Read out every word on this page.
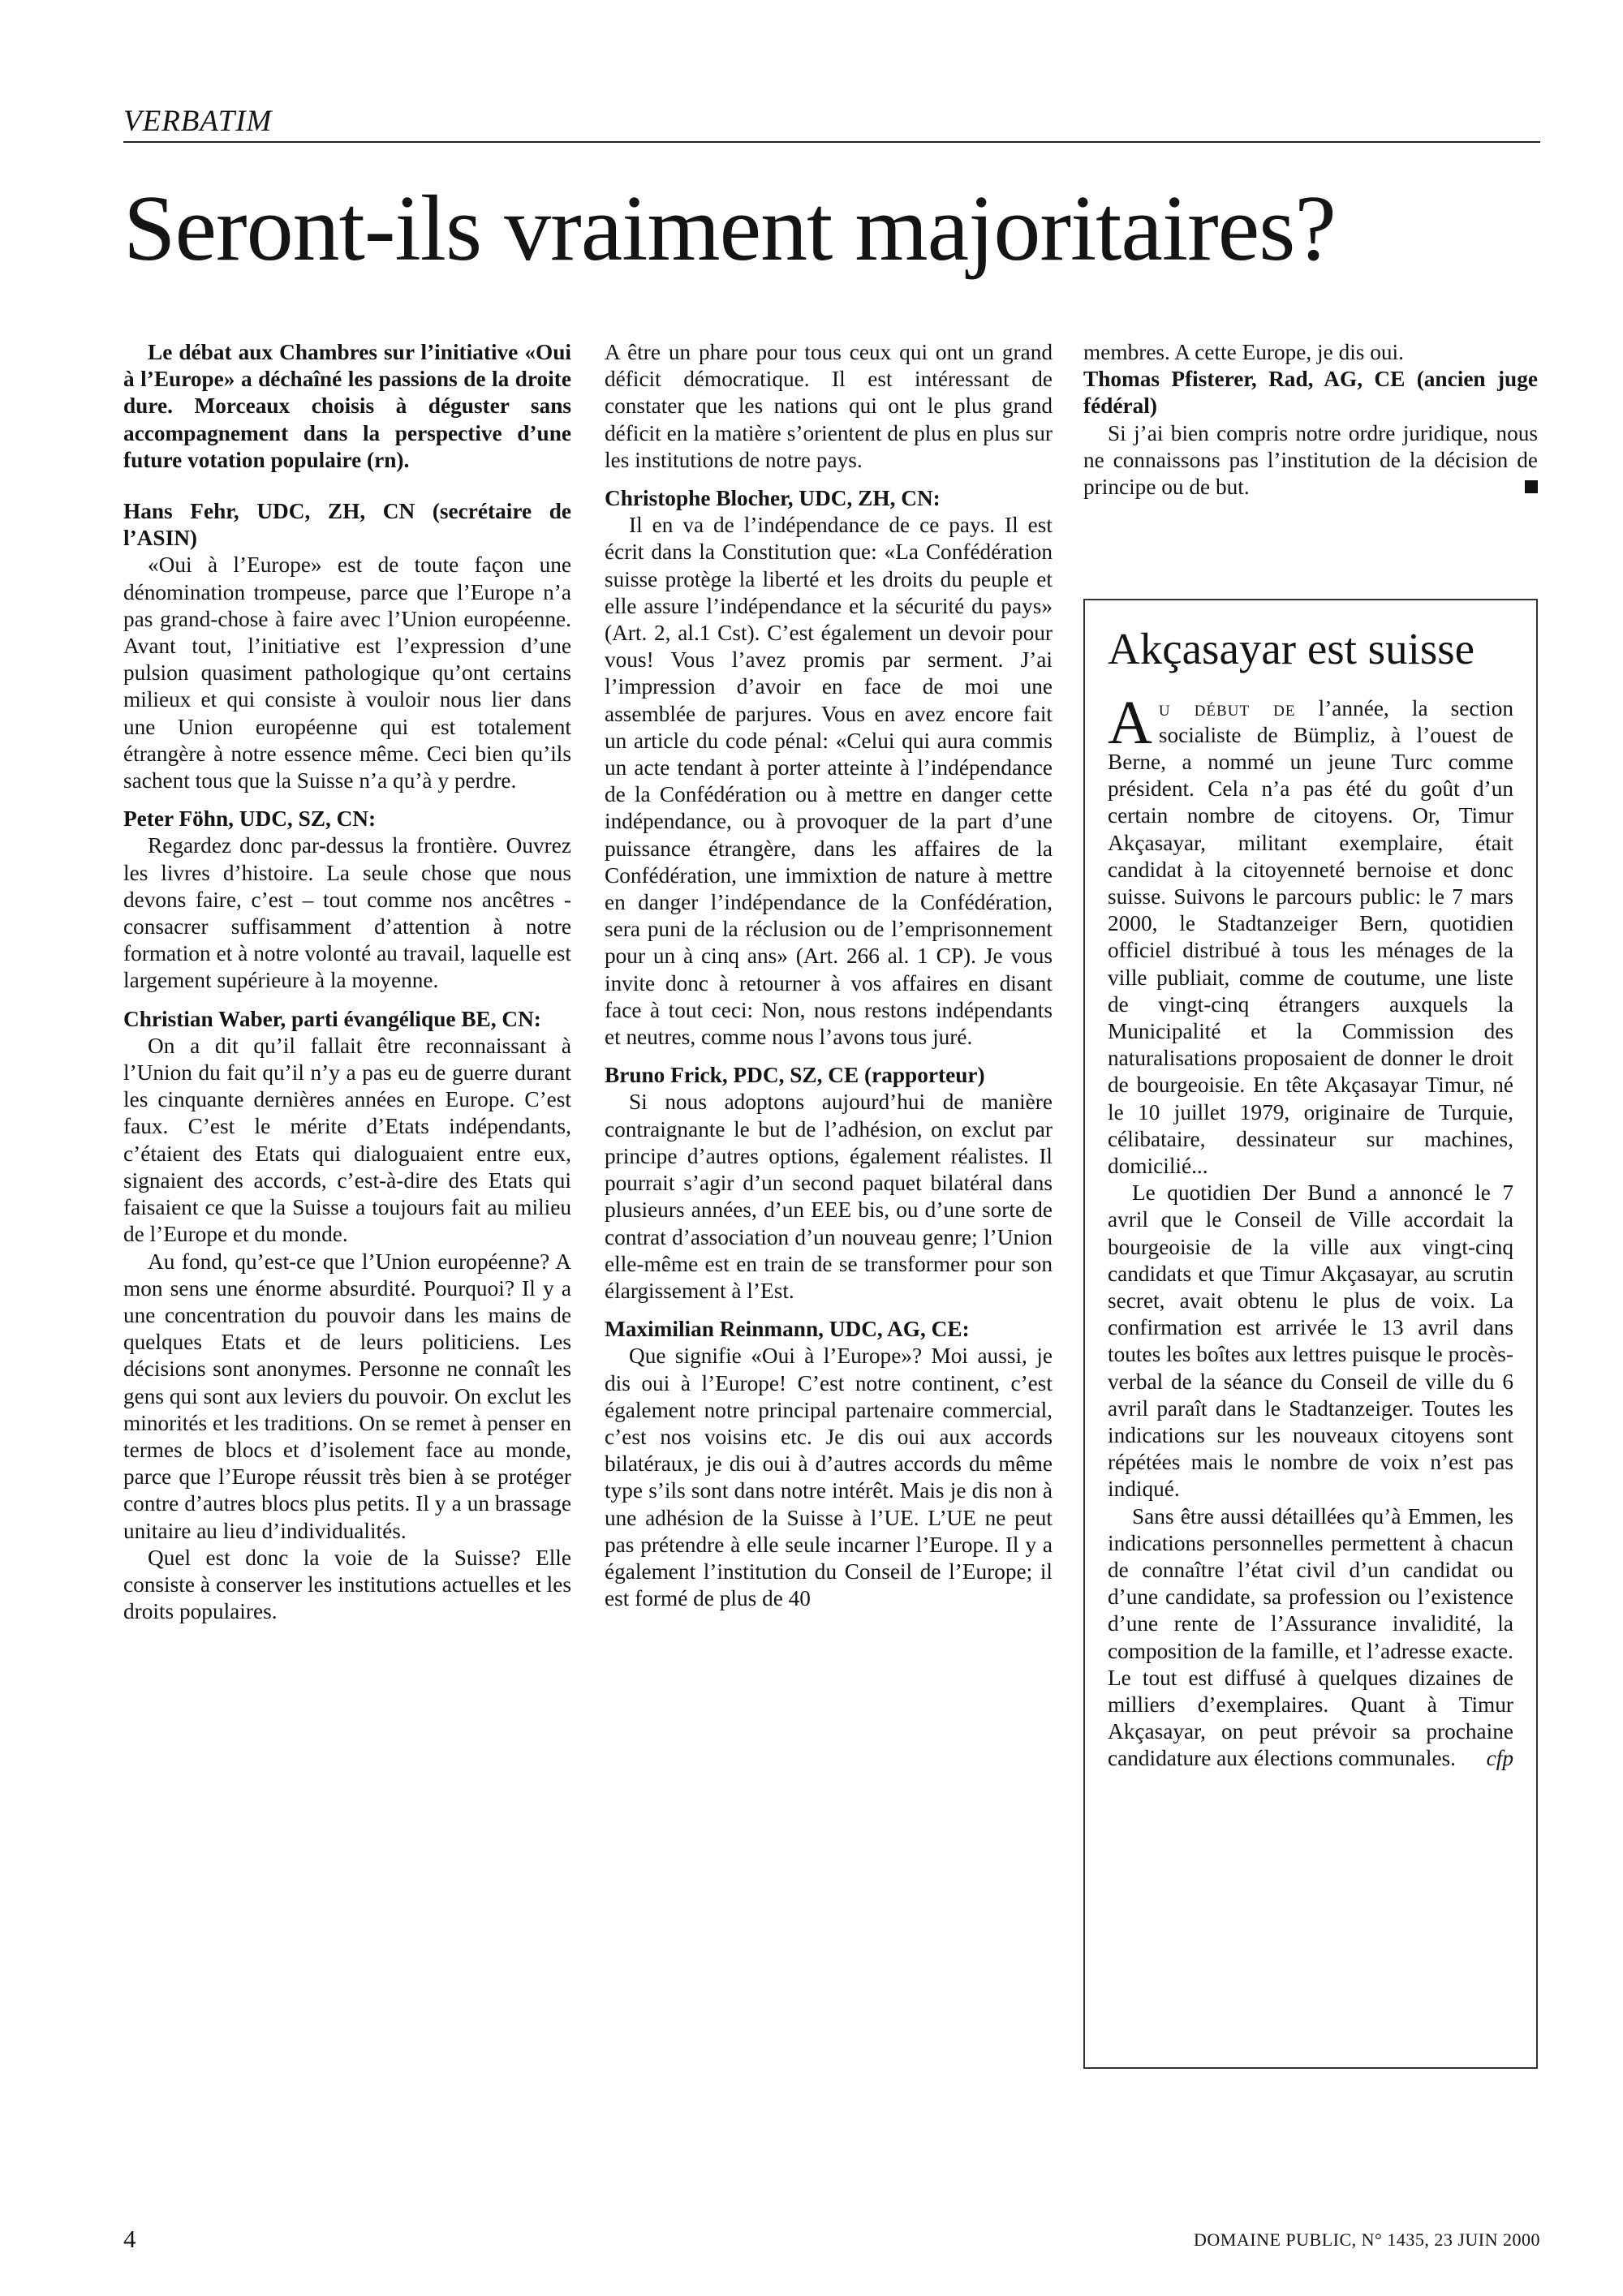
VERBATIM
Seront-ils vraiment majoritaires?

Le débat aux Chambres sur l’initiative «Oui à l’Europe» a déchaîné les passions de la droite dure. Morceaux choisis à déguster sans accompagnement dans la perspective d’une future votation populaire (rn).

Hans Fehr, UDC, ZH, CN (secrétaire de l’ASIN)

«Oui à l’Europe» est de toute façon une dénomination trompeuse, parce que l’Europe n’a pas grand-chose à faire avec l’Union européenne. Avant tout, l’initiative est l’expression d’une pulsion quasiment pathologique qu’ont certains milieux et qui consiste à vouloir nous lier dans une Union européenne qui est totalement étrangère à notre essence même. Ceci bien qu’ils sachent tous que la Suisse n’a qu’à y perdre.

Peter Föhn, UDC, SZ, CN:

Regardez donc par-dessus la frontière. Ouvrez les livres d’histoire. La seule chose que nous devons faire, c’est – tout comme nos ancêtres - consacrer suffisamment d’attention à notre formation et à notre volonté au travail, laquelle est largement supérieure à la moyenne.

Christian Waber, parti évangélique BE, CN:

On a dit qu’il fallait être reconnaissant à l’Union du fait qu’il n’y a pas eu de guerre durant les cinquante dernières années en Europe. C’est faux. C’est le mérite d’Etats indépendants, c’étaient des Etats qui dialoguaient entre eux, signaient des accords, c’est-à-dire des Etats qui faisaient ce que la Suisse a toujours fait au milieu de l’Europe et du monde.

Au fond, qu’est-ce que l’Union européenne? A mon sens une énorme absurdité. Pourquoi? Il y a une concentration du pouvoir dans les mains de quelques Etats et de leurs politiciens. Les décisions sont anonymes. Personne ne connaît les gens qui sont aux leviers du pouvoir. On exclut les minorités et les traditions. On se remet à penser en termes de blocs et d’isolement face au monde, parce que l’Europe réussit très bien à se protéger contre d’autres blocs plus petits. Il y a un brassage unitaire au lieu d’individualités.

Quel est donc la voie de la Suisse? Elle consiste à conserver les institutions actuelles et les droits populaires.

A être un phare pour tous ceux qui ont un grand déficit démocratique. Il est intéressant de constater que les nations qui ont le plus grand déficit en la matière s’orientent de plus en plus sur les institutions de notre pays.

Christophe Blocher, UDC, ZH, CN:

Il en va de l’indépendance de ce pays. Il est écrit dans la Constitution que: «La Confédération suisse protège la liberté et les droits du peuple et elle assure l’indépendance et la sécurité du pays» (Art. 2, al.1 Cst). C’est également un devoir pour vous! Vous l’avez promis par serment. J’ai l’impression d’avoir en face de moi une assemblée de parjures. Vous en avez encore fait un article du code pénal: «Celui qui aura commis un acte tendant à porter atteinte à l’indépendance de la Confédération ou à mettre en danger cette indépendance, ou à provoquer de la part d’une puissance étrangère, dans les affaires de la Confédération, une immixtion de nature à mettre en danger l’indépendance de la Confédération, sera puni de la réclusion ou de l’emprisonnement pour un à cinq ans» (Art. 266 al. 1 CP). Je vous invite donc à retourner à vos affaires en disant face à tout ceci: Non, nous restons indépendants et neutres, comme nous l’avons tous juré.

Bruno Frick, PDC, SZ, CE (rapporteur)

Si nous adoptons aujourd’hui de manière contraignante le but de l’adhésion, on exclut par principe d’autres options, également réalistes. Il pourrait s’agir d’un second paquet bilatéral dans plusieurs années, d’un EEE bis, ou d’une sorte de contrat d’association d’un nouveau genre; l’Union elle-même est en train de se transformer pour son élargissement à l’Est.

Maximilian Reinmann, UDC, AG, CE:

Que signifie «Oui à l’Europe»? Moi aussi, je dis oui à l’Europe! C’est notre continent, c’est également notre principal partenaire commercial, c’est nos voisins etc. Je dis oui aux accords bilatéraux, je dis oui à d’autres accords du même type s’ils sont dans notre intérêt. Mais je dis non à une adhésion de la Suisse à l’UE. L’UE ne peut pas prétendre à elle seule incarner l’Europe. Il y a également l’institution du Conseil de l’Europe; il est formé de plus de 40

membres. A cette Europe, je dis oui.

Thomas Pfisterer, Rad, AG, CE (ancien juge fédéral)

Si j’ai bien compris notre ordre juridique, nous ne connaissons pas l’institution de la décision de principe ou de but.

Akçasayar est suisse

Au début de l’année, la section socialiste de Bümpliz, à l’ouest de Berne, a nommé un jeune Turc comme président. Cela n’a pas été du goût d’un certain nombre de citoyens. Or, Timur Akçasayar, militant exemplaire, était candidat à la citoyenneté bernoise et donc suisse. Suivons le parcours public: le 7 mars 2000, le Stadtanzeiger Bern, quotidien officiel distribué à tous les ménages de la ville publiait, comme de coutume, une liste de vingt-cinq étrangers auxquels la Municipalité et la Commission des naturalisations proposaient de donner le droit de bourgeoisie. En tête Akçasayar Timur, né le 10 juillet 1979, originaire de Turquie, célibataire, dessinateur sur machines, domicilié...

Le quotidien Der Bund a annoncé le 7 avril que le Conseil de Ville accordait la bourgeoisie de la ville aux vingt-cinq candidats et que Timur Akçasayar, au scrutin secret, avait obtenu le plus de voix. La confirmation est arrivée le 13 avril dans toutes les boîtes aux lettres puisque le procès-verbal de la séance du Conseil de ville du 6 avril paraît dans le Stadtanzeiger. Toutes les indications sur les nouveaux citoyens sont répétées mais le nombre de voix n’est pas indiqué.

Sans être aussi détaillées qu’à Emmen, les indications personnelles permettent à chacun de connaître l’état civil d’un candidat ou d’une candidate, sa profession ou l’existence d’une rente de l’Assurance invalidité, la composition de la famille, et l’adresse exacte. Le tout est diffusé à quelques dizaines de milliers d’exemplaires. Quant à Timur Akçasayar, on peut prévoir sa prochaine candidature aux élections communales.	cfp

4	DOMAINE PUBLIC, N° 1435, 23 JUIN 2000
